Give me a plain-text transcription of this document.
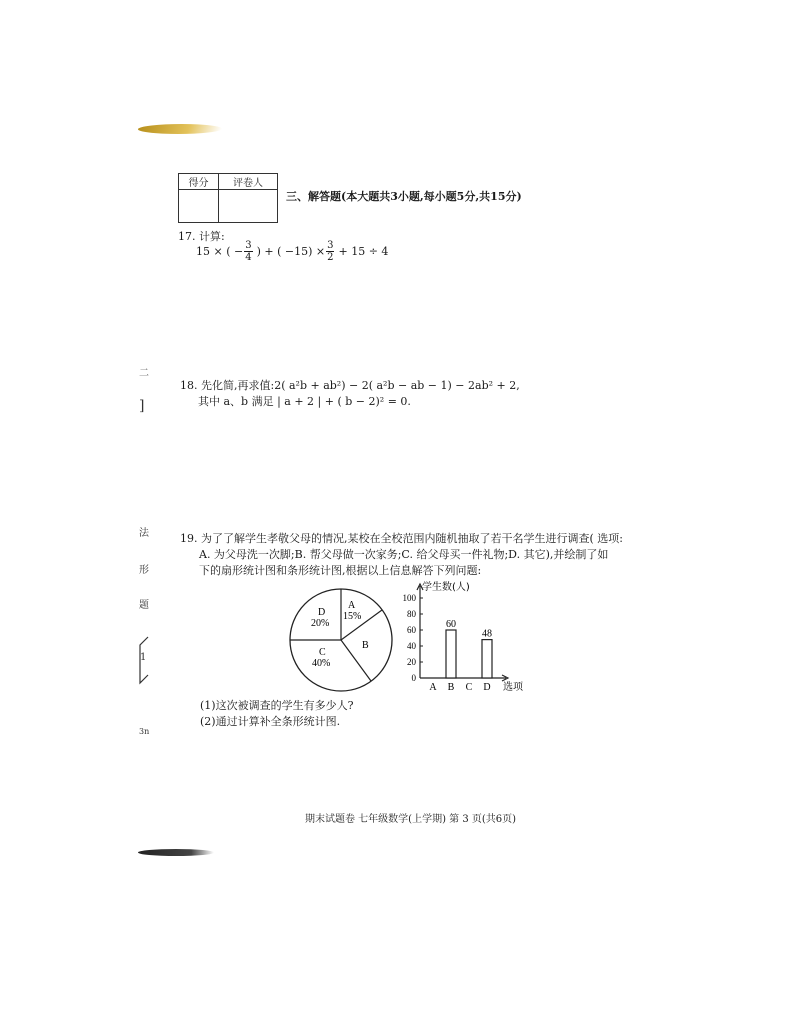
二
]
法
形
题
1
3n
得分	评卷人
三、解答题(本大题共3小题,每小题5分,共15分)
17. 计算:
15 × ( − $\frac{3}{4}$ ) + ( $-15) \times \frac{3}{2} + 15 \div 4$
18. 先化简,再求值:2( a²b + ab²) − 2( a²b − ab − 1) − 2ab² + 2,
其中 a、b 满足 | a + 2 | + ( b − 2)² = 0.
19. 为了了解学生孝敬父母的情况,某校在全校范围内随机抽取了若干名学生进行调查( 选项:
A. 为父母洗一次脚;B. 帮父母做一次家务;C. 给父母买一件礼物;D. 其它),并绘制了如
下的扇形统计图和条形统计图,根据以上信息解答下列问题:
A
15%
B
C
40%
D
20%
学生数(人)
选项
0
20
40
60
80
100
A B
60
C D
48
(1)这次被调查的学生有多少人?
(2)通过计算补全条形统计图.
期末试题卷 七年级数学(上学期) 第 3 页(共6页)
